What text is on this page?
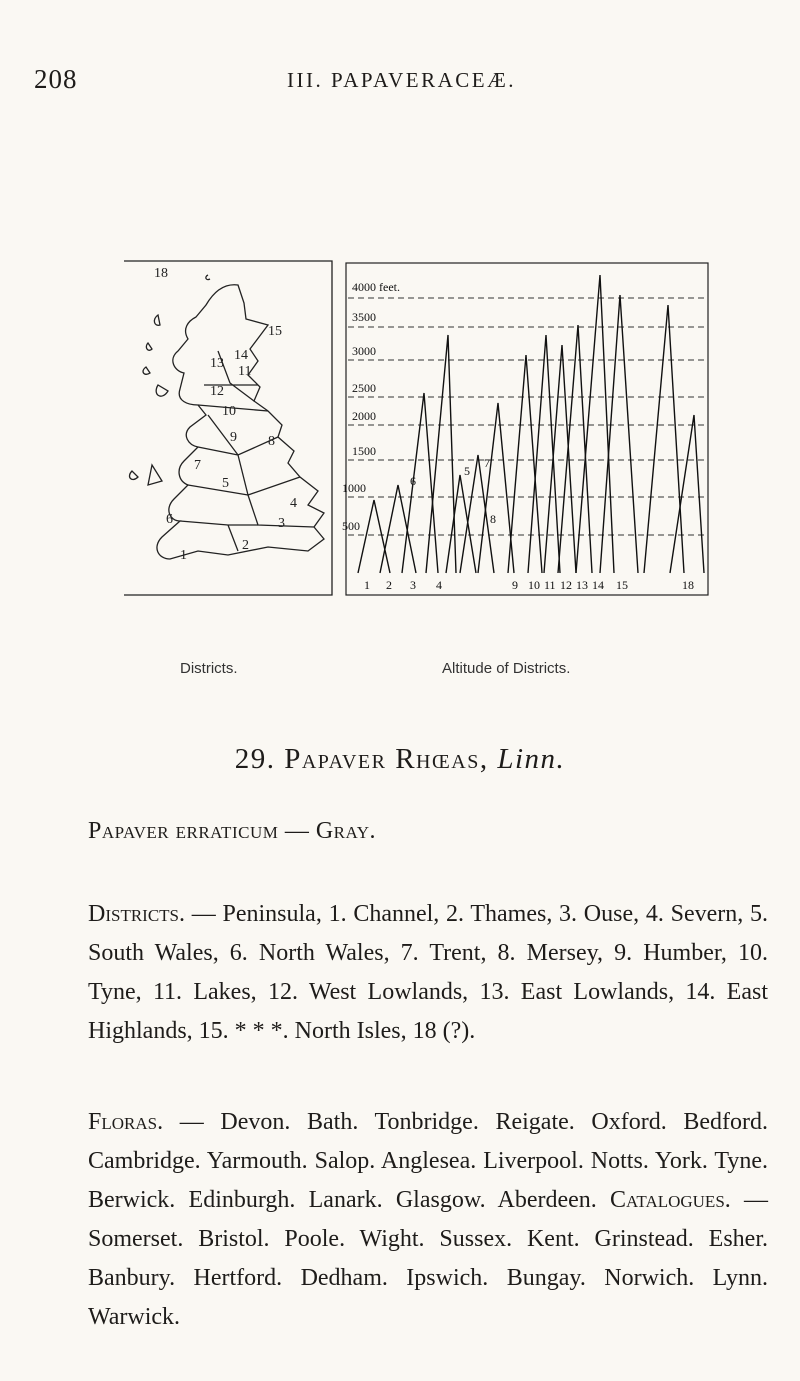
208	III. PAPAVERACEÆ.
18
15
14
13
11
12
10
9 8
7
6
5
4
3
2
1
4000 feet.
3500
3000
2500
2000
1500
1000
500
1 2 3 4
5
6
7
8
9 10 11 12 13 14 15	18
Districts.	Altitude of Districts.
29. Papaver Rhœas, Linn.
Papaver erraticum — Gray.

Districts. — Peninsula, 1. Channel, 2. Thames, 3. Ouse, 4. Severn, 5. South Wales, 6. North Wales, 7. Trent, 8. Mersey, 9. Humber, 10. Tyne, 11. Lakes, 12. West Lowlands, 13. East Lowlands, 14. East Highlands, 15. * * *. North Isles, 18 (?).

Floras. — Devon. Bath. Tonbridge. Reigate. Oxford. Bedford. Cambridge. Yarmouth. Salop. Anglesea. Liverpool. Notts. York. Tyne. Berwick. Edinburgh. Lanark. Glasgow. Aberdeen. Catalogues. — Somerset. Bristol. Poole. Wight. Sussex. Kent. Grinstead. Esher. Banbury. Hertford. Dedham. Ipswich. Bungay. Norwich. Lynn. Warwick.
